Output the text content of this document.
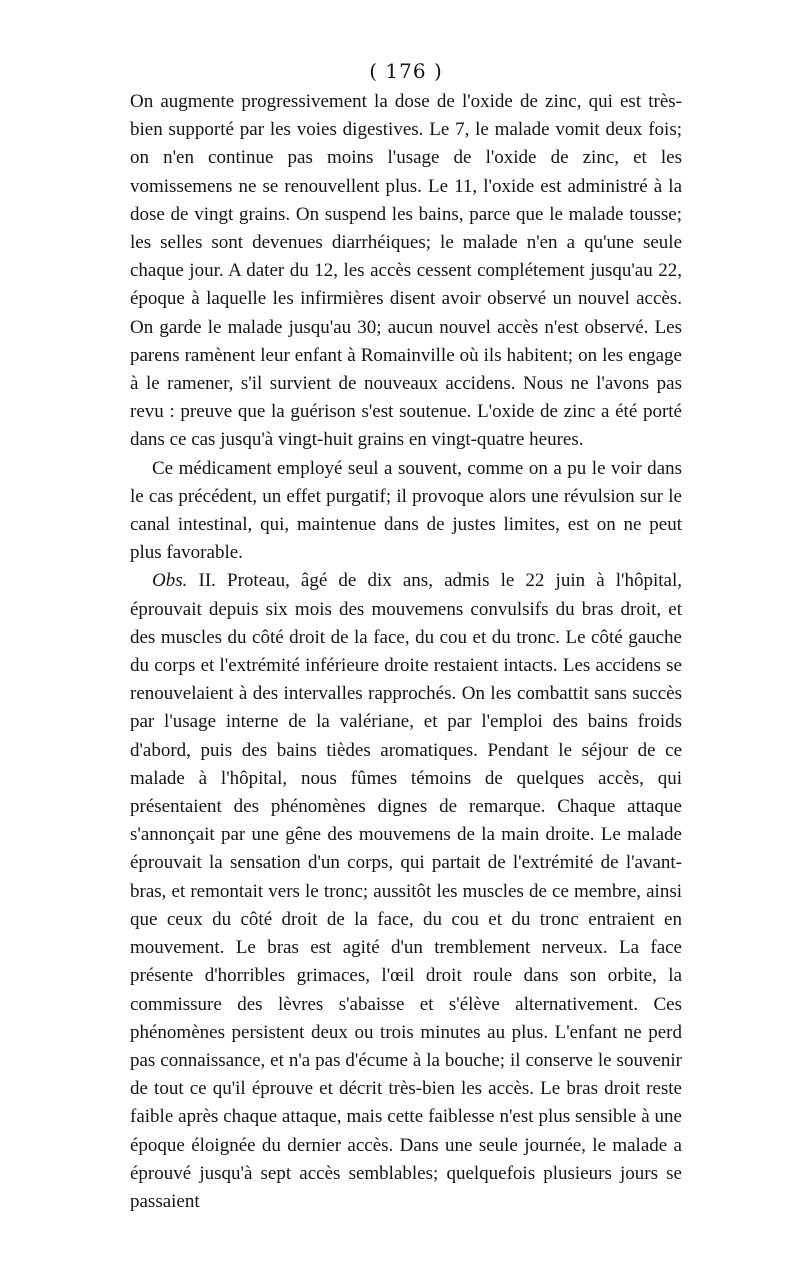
( 176 )

On augmente progressivement la dose de l'oxide de zinc, qui est très-bien supporté par les voies digestives. Le 7, le malade vomit deux fois; on n'en continue pas moins l'usage de l'oxide de zinc, et les vomissemens ne se renouvellent plus. Le 11, l'oxide est administré à la dose de vingt grains. On suspend les bains, parce que le malade tousse; les selles sont devenues diarrhéiques; le malade n'en a qu'une seule chaque jour. A dater du 12, les accès cessent complétement jusqu'au 22, époque à laquelle les infirmières disent avoir observé un nouvel accès. On garde le malade jusqu'au 30; aucun nouvel accès n'est observé. Les parens ramènent leur enfant à Romainville où ils habitent; on les engage à le ramener, s'il survient de nouveaux accidens. Nous ne l'avons pas revu : preuve que la guérison s'est soutenue. L'oxide de zinc a été porté dans ce cas jusqu'à vingt-huit grains en vingt-quatre heures.

Ce médicament employé seul a souvent, comme on a pu le voir dans le cas précédent, un effet purgatif; il provoque alors une révulsion sur le canal intestinal, qui, maintenue dans de justes limites, est on ne peut plus favorable.

Obs. II. Proteau, âgé de dix ans, admis le 22 juin à l'hôpital, éprouvait depuis six mois des mouvemens convulsifs du bras droit, et des muscles du côté droit de la face, du cou et du tronc. Le côté gauche du corps et l'extrémité inférieure droite restaient intacts. Les accidens se renouvelaient à des intervalles rapprochés. On les combattit sans succès par l'usage interne de la valériane, et par l'emploi des bains froids d'abord, puis des bains tièdes aromatiques. Pendant le séjour de ce malade à l'hôpital, nous fûmes témoins de quelques accès, qui présentaient des phénomènes dignes de remarque. Chaque attaque s'annonçait par une gêne des mouvemens de la main droite. Le malade éprouvait la sensation d'un corps, qui partait de l'extrémité de l'avant-bras, et remontait vers le tronc; aussitôt les muscles de ce membre, ainsi que ceux du côté droit de la face, du cou et du tronc entraient en mouvement. Le bras est agité d'un tremblement nerveux. La face présente d'horribles grimaces, l'œil droit roule dans son orbite, la commissure des lèvres s'abaisse et s'élève alternativement. Ces phénomènes persistent deux ou trois minutes au plus. L'enfant ne perd pas connaissance, et n'a pas d'écume à la bouche; il conserve le souvenir de tout ce qu'il éprouve et décrit très-bien les accès. Le bras droit reste faible après chaque attaque, mais cette faiblesse n'est plus sensible à une époque éloignée du dernier accès. Dans une seule journée, le malade a éprouvé jusqu'à sept accès semblables; quelquefois plusieurs jours se passaient
